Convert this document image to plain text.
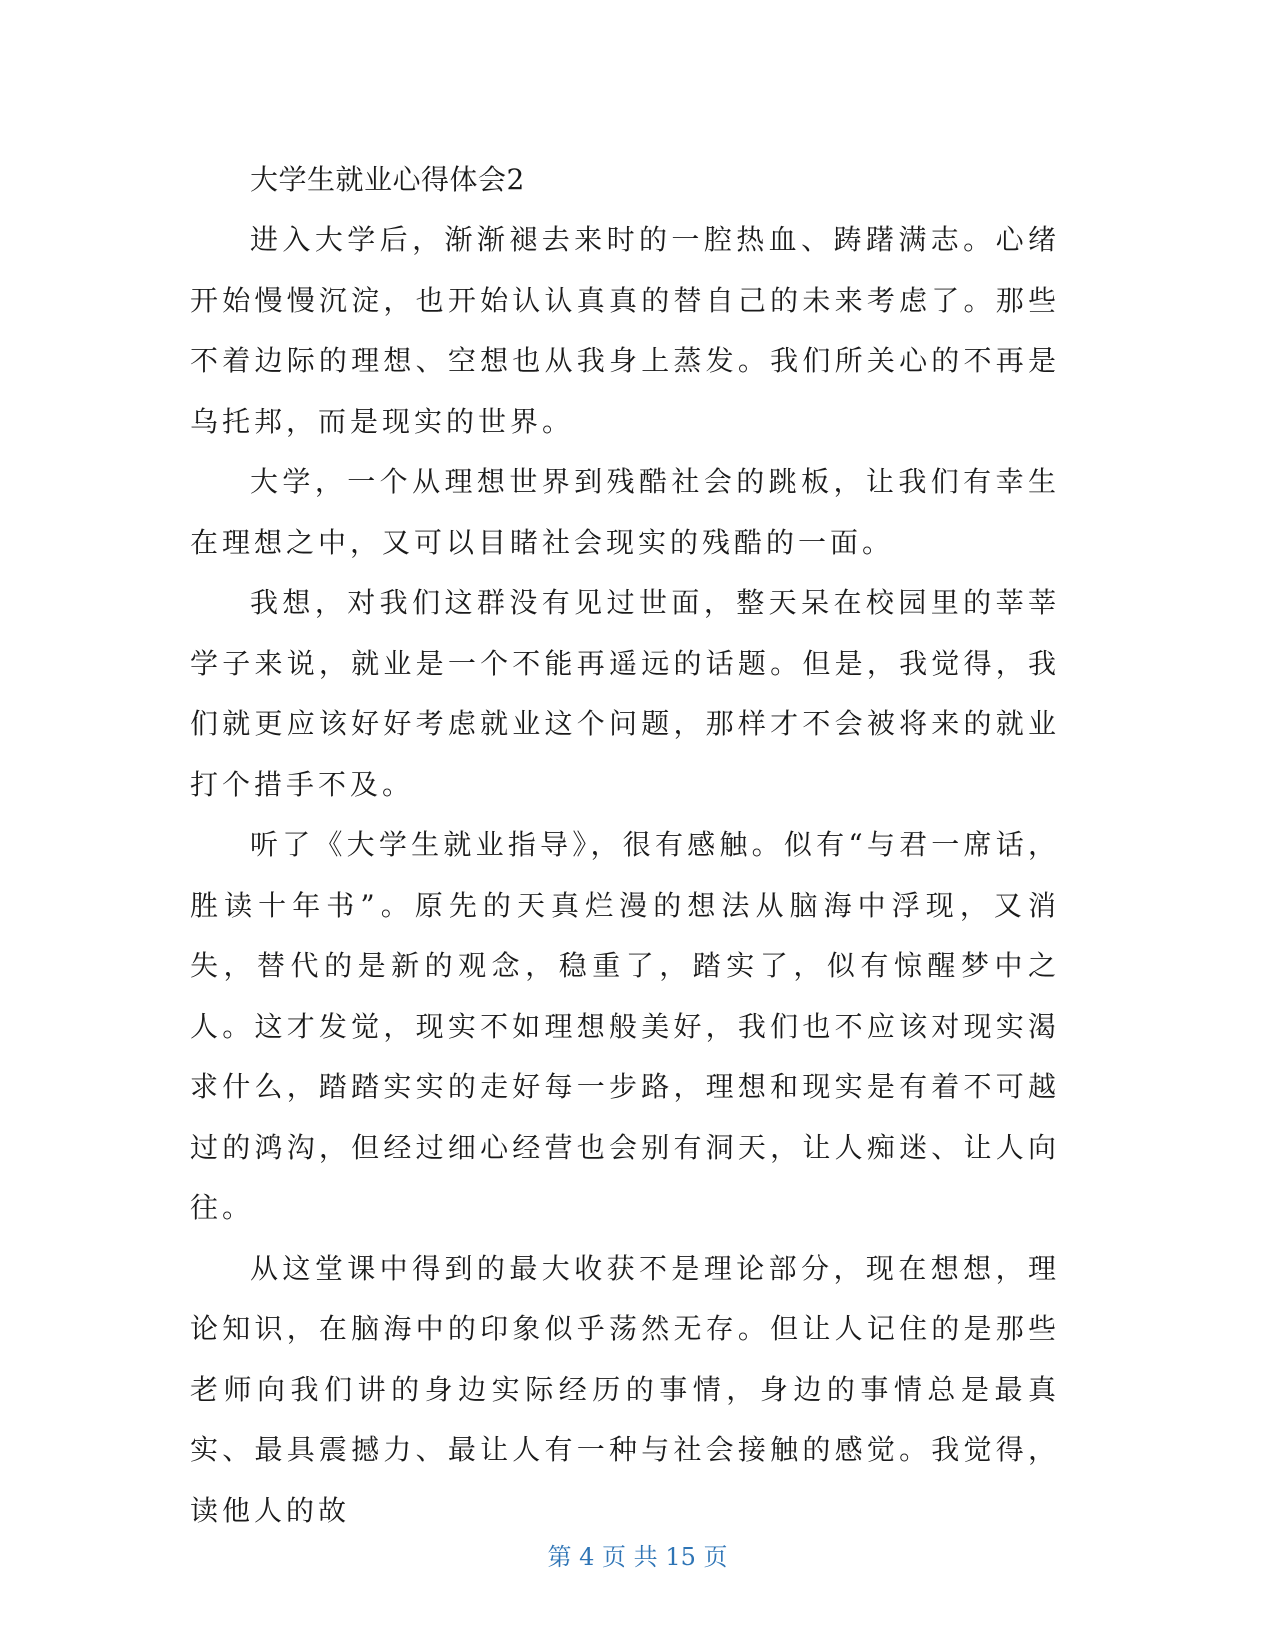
大学生就业心得体会2

进入大学后，渐渐褪去来时的一腔热血、踌躇满志。心绪开始慢慢沉淀，也开始认认真真的替自己的未来考虑了。那些不着边际的理想、空想也从我身上蒸发。我们所关心的不再是乌托邦，而是现实的世界。

大学，一个从理想世界到残酷社会的跳板，让我们有幸生在理想之中，又可以目睹社会现实的残酷的一面。

我想，对我们这群没有见过世面，整天呆在校园里的莘莘学子来说，就业是一个不能再遥远的话题。但是，我觉得，我们就更应该好好考虑就业这个问题，那样才不会被将来的就业打个措手不及。

听了《大学生就业指导》，很有感触。似有“与君一席话，胜读十年书”。原先的天真烂漫的想法从脑海中浮现，又消失，替代的是新的观念，稳重了，踏实了，似有惊醒梦中之人。这才发觉，现实不如理想般美好，我们也不应该对现实渴求什么，踏踏实实的走好每一步路，理想和现实是有着不可越过的鸿沟，但经过细心经营也会别有洞天，让人痴迷、让人向往。

从这堂课中得到的最大收获不是理论部分，现在想想，理论知识，在脑海中的印象似乎荡然无存。但让人记住的是那些老师向我们讲的身边实际经历的事情，身边的事情总是最真实、最具震撼力、最让人有一种与社会接触的感觉。我觉得，读他人的故

第 4 页 共 15 页
